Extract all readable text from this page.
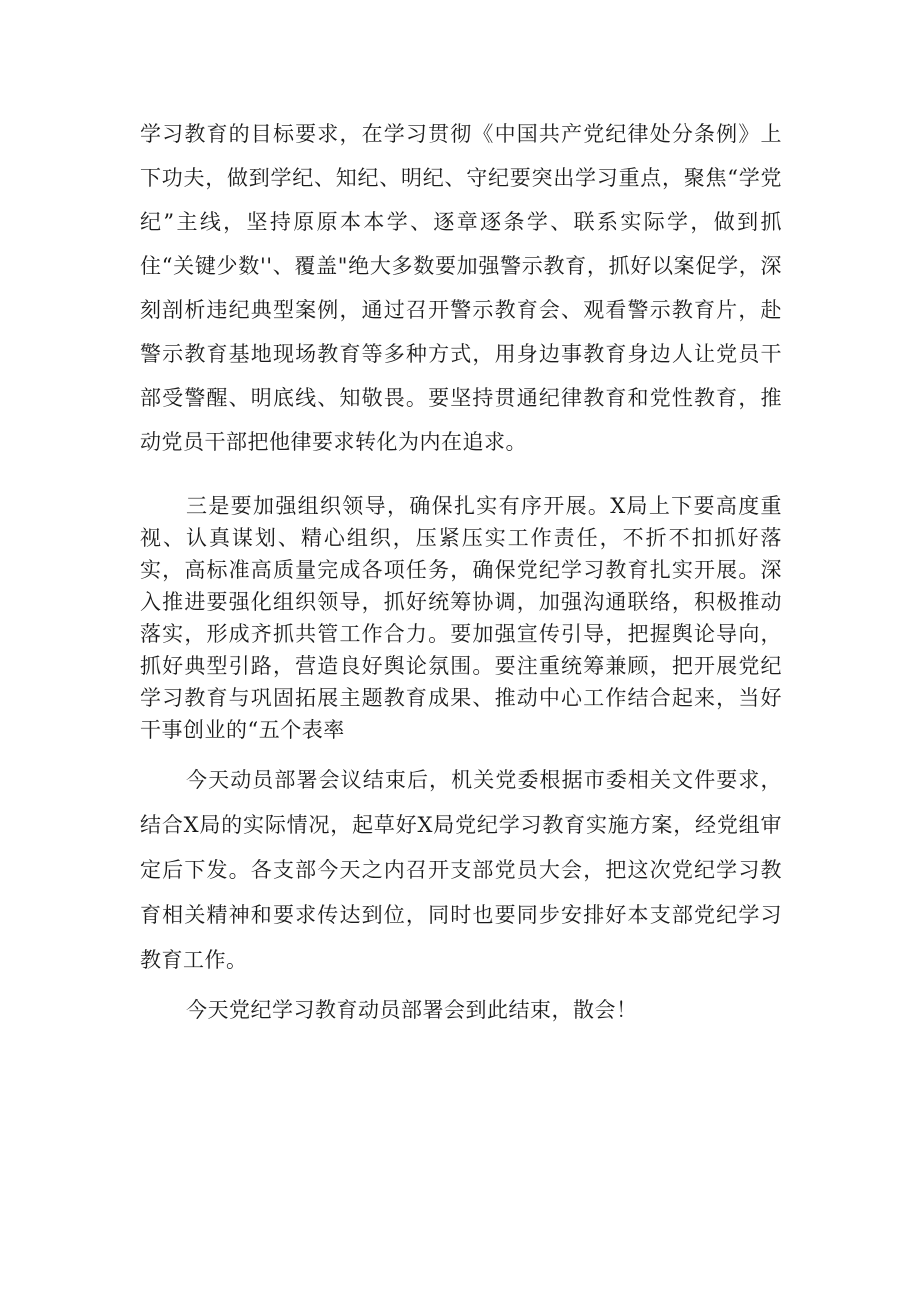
学习教育的目标要求，在学习贯彻《中国共产党纪律处分条例》上下功夫，做到学纪、知纪、明纪、守纪要突出学习重点，聚焦“学党纪”主线，坚持原原本本学、逐章逐条学、联系实际学，做到抓住“关键少数''、覆盖"绝大多数要加强警示教育，抓好以案促学，深刻剖析违纪典型案例，通过召开警示教育会、观看警示教育片，赴警示教育基地现场教育等多种方式，用身边事教育身边人让党员干部受警醒、明底线、知敬畏。要坚持贯通纪律教育和党性教育，推动党员干部把他律要求转化为内在追求。

三是要加强组织领导，确保扎实有序开展。X局上下要高度重视、认真谋划、精心组织，压紧压实工作责任，不折不扣抓好落实，高标准高质量完成各项任务，确保党纪学习教育扎实开展。深入推进要强化组织领导，抓好统筹协调，加强沟通联络，积极推动落实，形成齐抓共管工作合力。要加强宣传引导，把握舆论导向，抓好典型引路，营造良好舆论氛围。要注重统筹兼顾，把开展党纪学习教育与巩固拓展主题教育成果、推动中心工作结合起来，当好干事创业的“五个表率

今天动员部署会议结束后，机关党委根据市委相关文件要求，结合X局的实际情况，起草好X局党纪学习教育实施方案，经党组审定后下发。各支部今天之内召开支部党员大会，把这次党纪学习教育相关精神和要求传达到位，同时也要同步安排好本支部党纪学习教育工作。

今天党纪学习教育动员部署会到此结束，散会！
